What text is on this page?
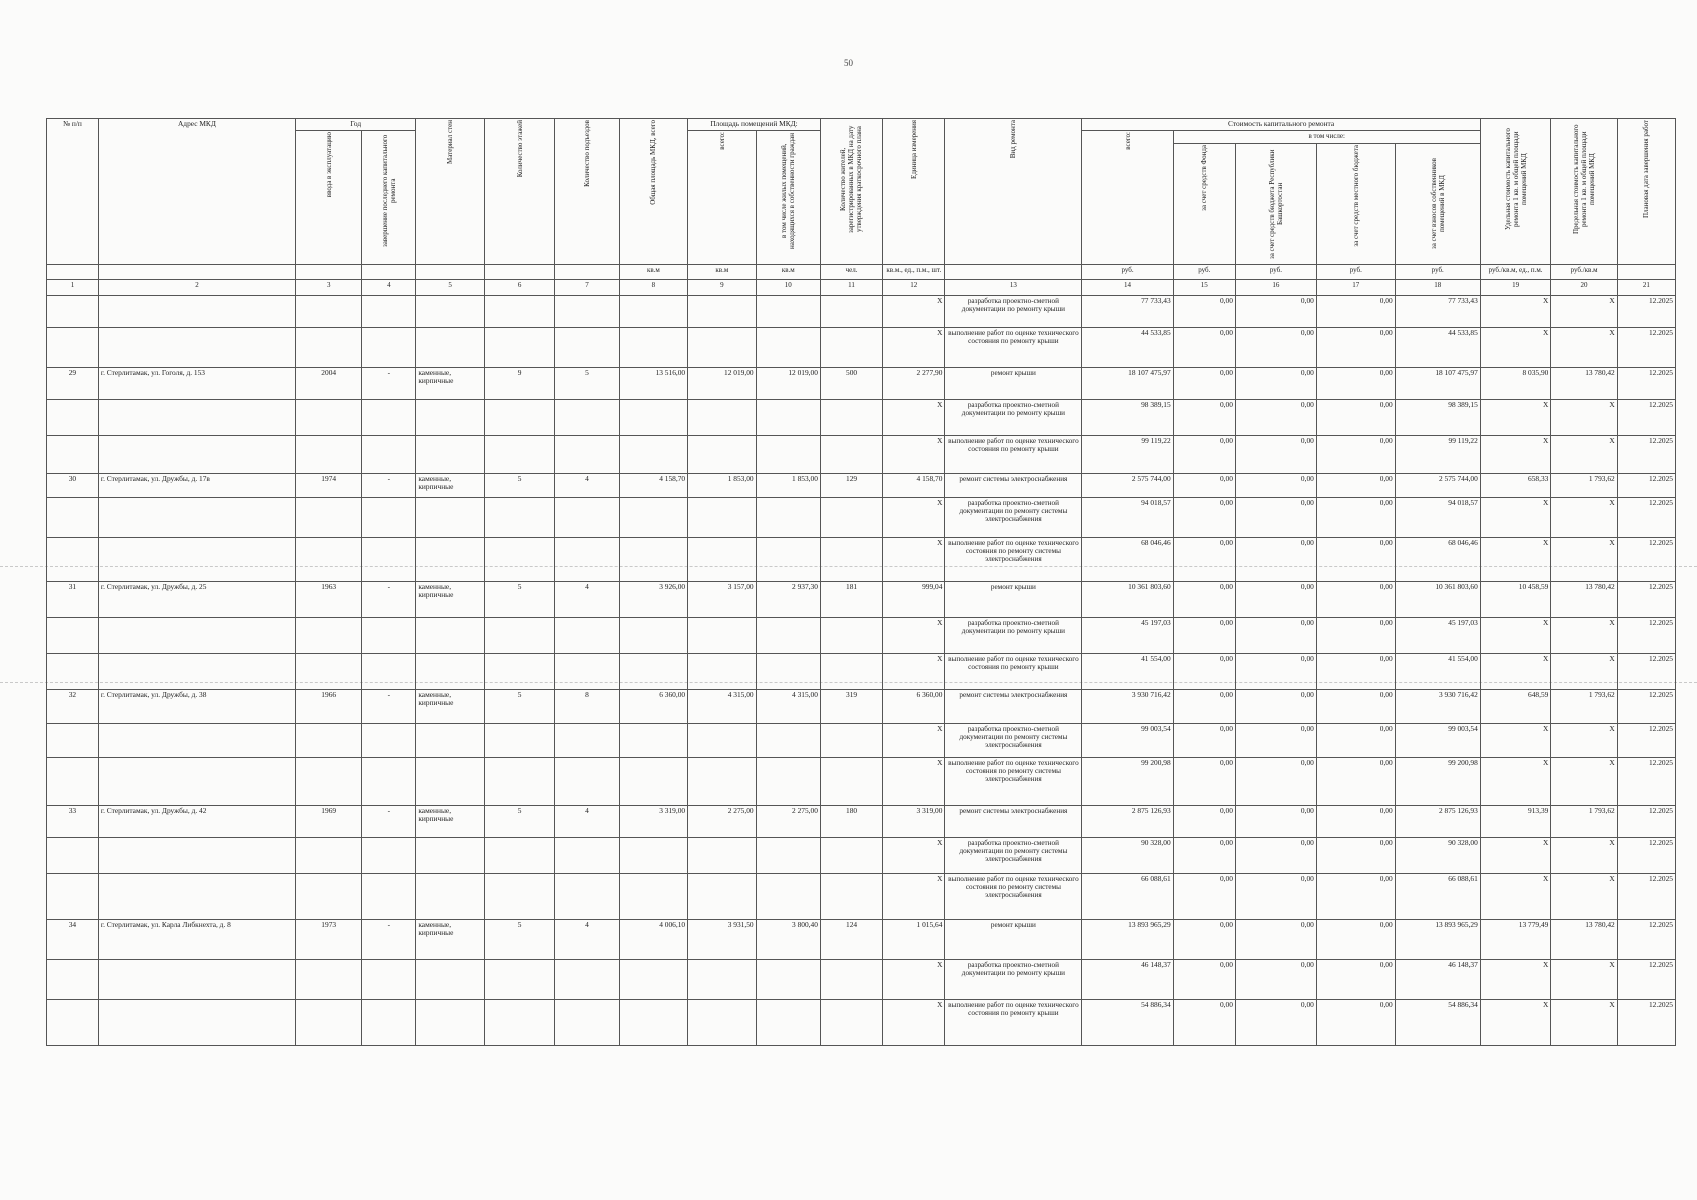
50
№ п/п	Адрес МКД	Год		Материал стен	Количество этажей	Количество подъездов	Общая площадь МКД, всего	Площадь помещений МКД:		Количество жителей, зарегистрированных в МКД на дату утверждения краткосрочного плана	Единица измерения	Вид ремонта	Стоимость капитального ремонта					Удельная стоимость капитального ремонта 1 кв. м общей площади помещений МКД	Предельная стоимость капитального ремонта 1 кв. м общей площади помещений МКД	Плановая дата завершения работ

		ввода в эксплуатацию	завершение последнего капитального ремонта					всего:	в том числе жилых помещений, находящихся в собственности граждан				всего:	в том числе:						

														за счет средств Фонда	за счет средств бюджета Республики Башкортостан	за счет средств местного бюджета	за счет взносов собственников помещений в МКД			

							кв.м	кв.м	кв.м	чел.	кв.м., ед., п.м., шт.		руб.	руб.	руб.	руб.	руб.	руб./кв.м, ед., п.м.	руб./кв.м	
1	2	3	4	5	6	7	8	9	10	11	12	13	14	15	16	17	18	19	20	21
											X	разработка проектно-сметной документации по ремонту крыши	77 733,43	0,00	0,00	0,00	77 733,43	X	X	12.2025
											X	выполнение работ по оценке технического состояния по ремонту крыши	44 533,85	0,00	0,00	0,00	44 533,85	X	X	12.2025
29	г. Стерлитамак, ул. Гоголя, д. 153	2004	-	каменные, кирпичные	9	5	13 516,00	12 019,00	12 019,00	500	2 277,90	ремонт крыши	18 107 475,97	0,00	0,00	0,00	18 107 475,97	8 035,90	13 780,42	12.2025
											X	разработка проектно-сметной документации по ремонту крыши	98 389,15	0,00	0,00	0,00	98 389,15	X	X	12.2025
											X	выполнение работ по оценке технического состояния по ремонту крыши	99 119,22	0,00	0,00	0,00	99 119,22	X	X	12.2025
30	г. Стерлитамак, ул. Дружбы, д. 17в	1974	-	каменные, кирпичные	5	4	4 158,70	1 853,00	1 853,00	129	4 158,70	ремонт системы электроснабжения	2 575 744,00	0,00	0,00	0,00	2 575 744,00	658,33	1 793,62	12.2025
											X	разработка проектно-сметной документации по ремонту системы электроснабжения	94 018,57	0,00	0,00	0,00	94 018,57	X	X	12.2025
											X	выполнение работ по оценке технического состояния по ремонту системы электроснабжения	68 046,46	0,00	0,00	0,00	68 046,46	X	X	12.2025
31	г. Стерлитамак, ул. Дружбы, д. 25	1963	-	каменные, кирпичные	5	4	3 926,00	3 157,00	2 937,30	181	999,04	ремонт крыши	10 361 803,60	0,00	0,00	0,00	10 361 803,60	10 458,59	13 780,42	12.2025
											X	разработка проектно-сметной документации по ремонту крыши	45 197,03	0,00	0,00	0,00	45 197,03	X	X	12.2025
											X	выполнение работ по оценке технического состояния по ремонту крыши	41 554,00	0,00	0,00	0,00	41 554,00	X	X	12.2025
32	г. Стерлитамак, ул. Дружбы, д. 38	1966	-	каменные, кирпичные	5	8	6 360,00	4 315,00	4 315,00	319	6 360,00	ремонт системы электроснабжения	3 930 716,42	0,00	0,00	0,00	3 930 716,42	648,59	1 793,62	12.2025
											X	разработка проектно-сметной документации по ремонту системы электроснабжения	99 003,54	0,00	0,00	0,00	99 003,54	X	X	12.2025
											X	выполнение работ по оценке технического состояния по ремонту системы электроснабжения	99 200,98	0,00	0,00	0,00	99 200,98	X	X	12.2025
33	г. Стерлитамак, ул. Дружбы, д. 42	1969	-	каменные, кирпичные	5	4	3 319,00	2 275,00	2 275,00	180	3 319,00	ремонт системы электроснабжения	2 875 126,93	0,00	0,00	0,00	2 875 126,93	913,39	1 793,62	12.2025
											X	разработка проектно-сметной документации по ремонту системы электроснабжения	90 328,00	0,00	0,00	0,00	90 328,00	X	X	12.2025
											X	выполнение работ по оценке технического состояния по ремонту системы электроснабжения	66 088,61	0,00	0,00	0,00	66 088,61	X	X	12.2025
34	г. Стерлитамак, ул. Карла Либкнехта, д. 8	1973	-	каменные, кирпичные	5	4	4 006,10	3 931,50	3 800,40	124	1 015,64	ремонт крыши	13 893 965,29	0,00	0,00	0,00	13 893 965,29	13 779,49	13 780,42	12.2025
											X	разработка проектно-сметной документации по ремонту крыши	46 148,37	0,00	0,00	0,00	46 148,37	X	X	12.2025
											X	выполнение работ по оценке технического состояния по ремонту крыши	54 886,34	0,00	0,00	0,00	54 886,34	X	X	12.2025
